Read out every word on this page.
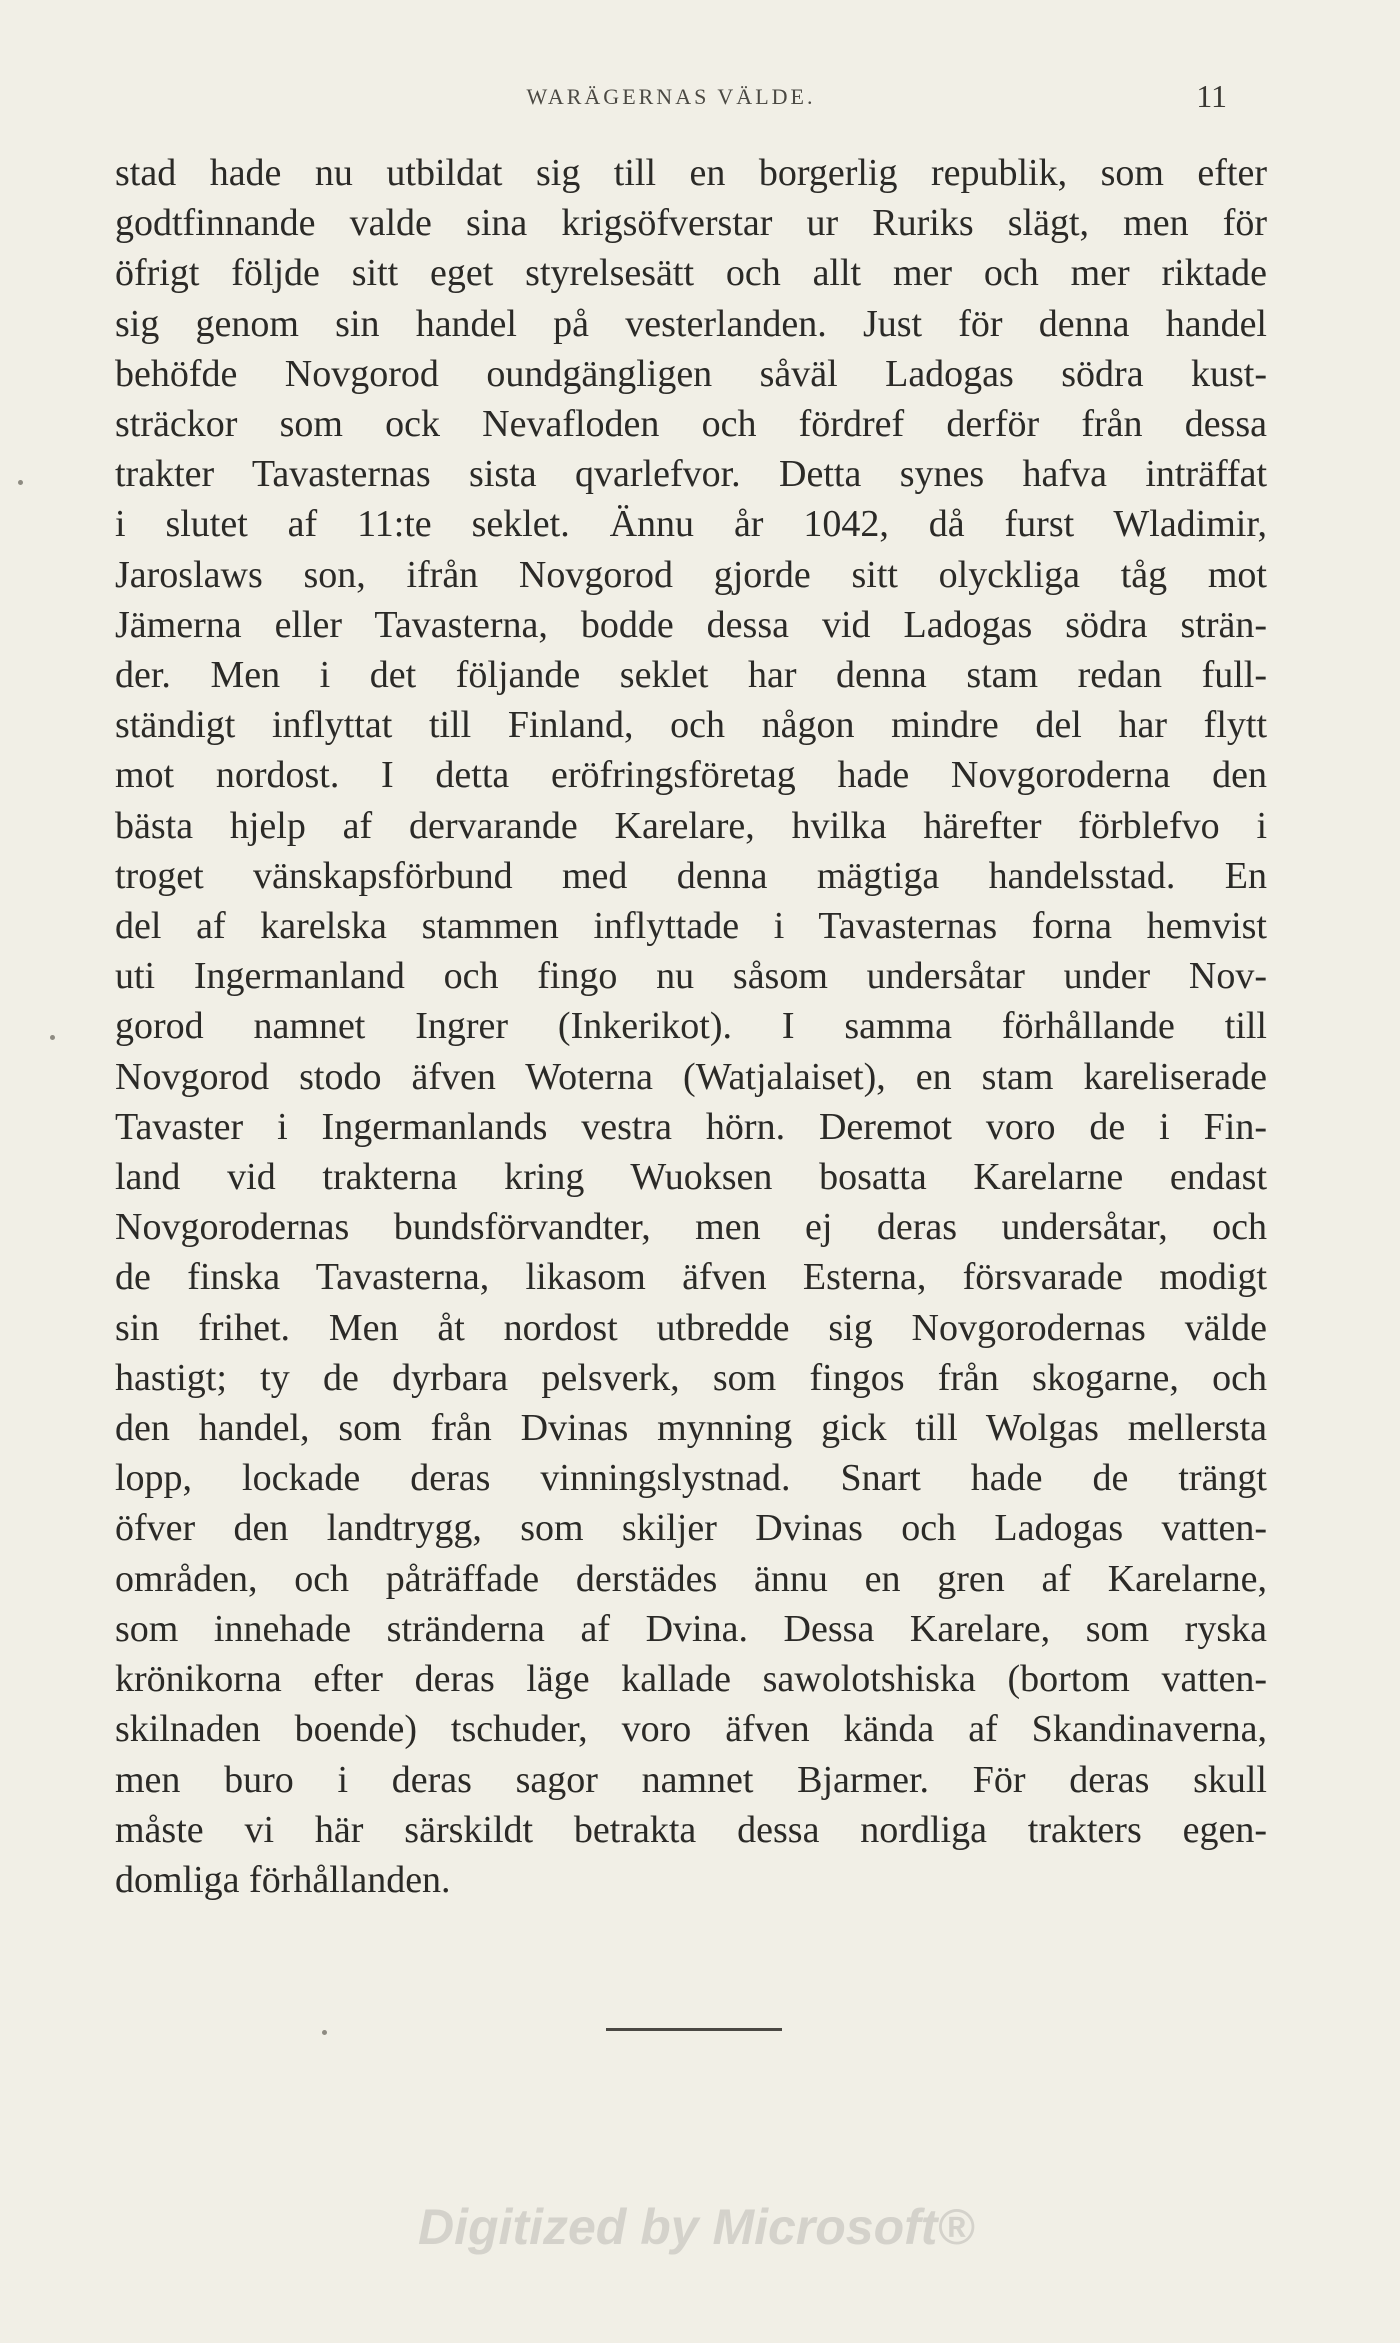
WARÄGERNAS VÄLDE.	11
stad hade nu utbildat sig till en borgerlig republik, som efter
godtfinnande valde sina krigsöfverstar ur Ruriks slägt, men för
öfrigt följde sitt eget styrelsesätt och allt mer och mer riktade
sig genom sin handel på vesterlanden. Just för denna handel
behöfde Novgorod oundgängligen såväl Ladogas södra kust-
sträckor som ock Nevafloden och fördref derför från dessa
trakter Tavasternas sista qvarlefvor. Detta synes hafva inträffat
i slutet af 11:te seklet. Ännu år 1042, då furst Wladimir,
Jaroslaws son, ifrån Novgorod gjorde sitt olyckliga tåg mot
Jämerna eller Tavasterna, bodde dessa vid Ladogas södra strän-
der. Men i det följande seklet har denna stam redan full-
ständigt inflyttat till Finland, och någon mindre del har flytt
mot nordost. I detta eröfringsföretag hade Novgoroderna den
bästa hjelp af dervarande Karelare, hvilka härefter förblefvo i
troget vänskapsförbund med denna mägtiga handelsstad. En
del af karelska stammen inflyttade i Tavasternas forna hemvist
uti Ingermanland och fingo nu såsom undersåtar under Nov-
gorod namnet Ingrer (Inkerikot). I samma förhållande till
Novgorod stodo äfven Woterna (Watjalaiset), en stam kareliserade
Tavaster i Ingermanlands vestra hörn. Deremot voro de i Fin-
land vid trakterna kring Wuoksen bosatta Karelarne endast
Novgorodernas bundsförvandter, men ej deras undersåtar, och
de finska Tavasterna, likasom äfven Esterna, försvarade modigt
sin frihet. Men åt nordost utbredde sig Novgorodernas välde
hastigt; ty de dyrbara pelsverk, som fingos från skogarne, och
den handel, som från Dvinas mynning gick till Wolgas mellersta
lopp, lockade deras vinningslystnad. Snart hade de trängt
öfver den landtrygg, som skiljer Dvinas och Ladogas vatten-
områden, och påträffade derstädes ännu en gren af Karelarne,
som innehade stränderna af Dvina. Dessa Karelare, som ryska
krönikorna efter deras läge kallade sawolotshiska (bortom vatten-
skilnaden boende) tschuder, voro äfven kända af Skandinaverna,
men buro i deras sagor namnet Bjarmer. För deras skull
måste vi här särskildt betrakta dessa nordliga trakters egen-
domliga förhållanden.
Digitized by Microsoft®
